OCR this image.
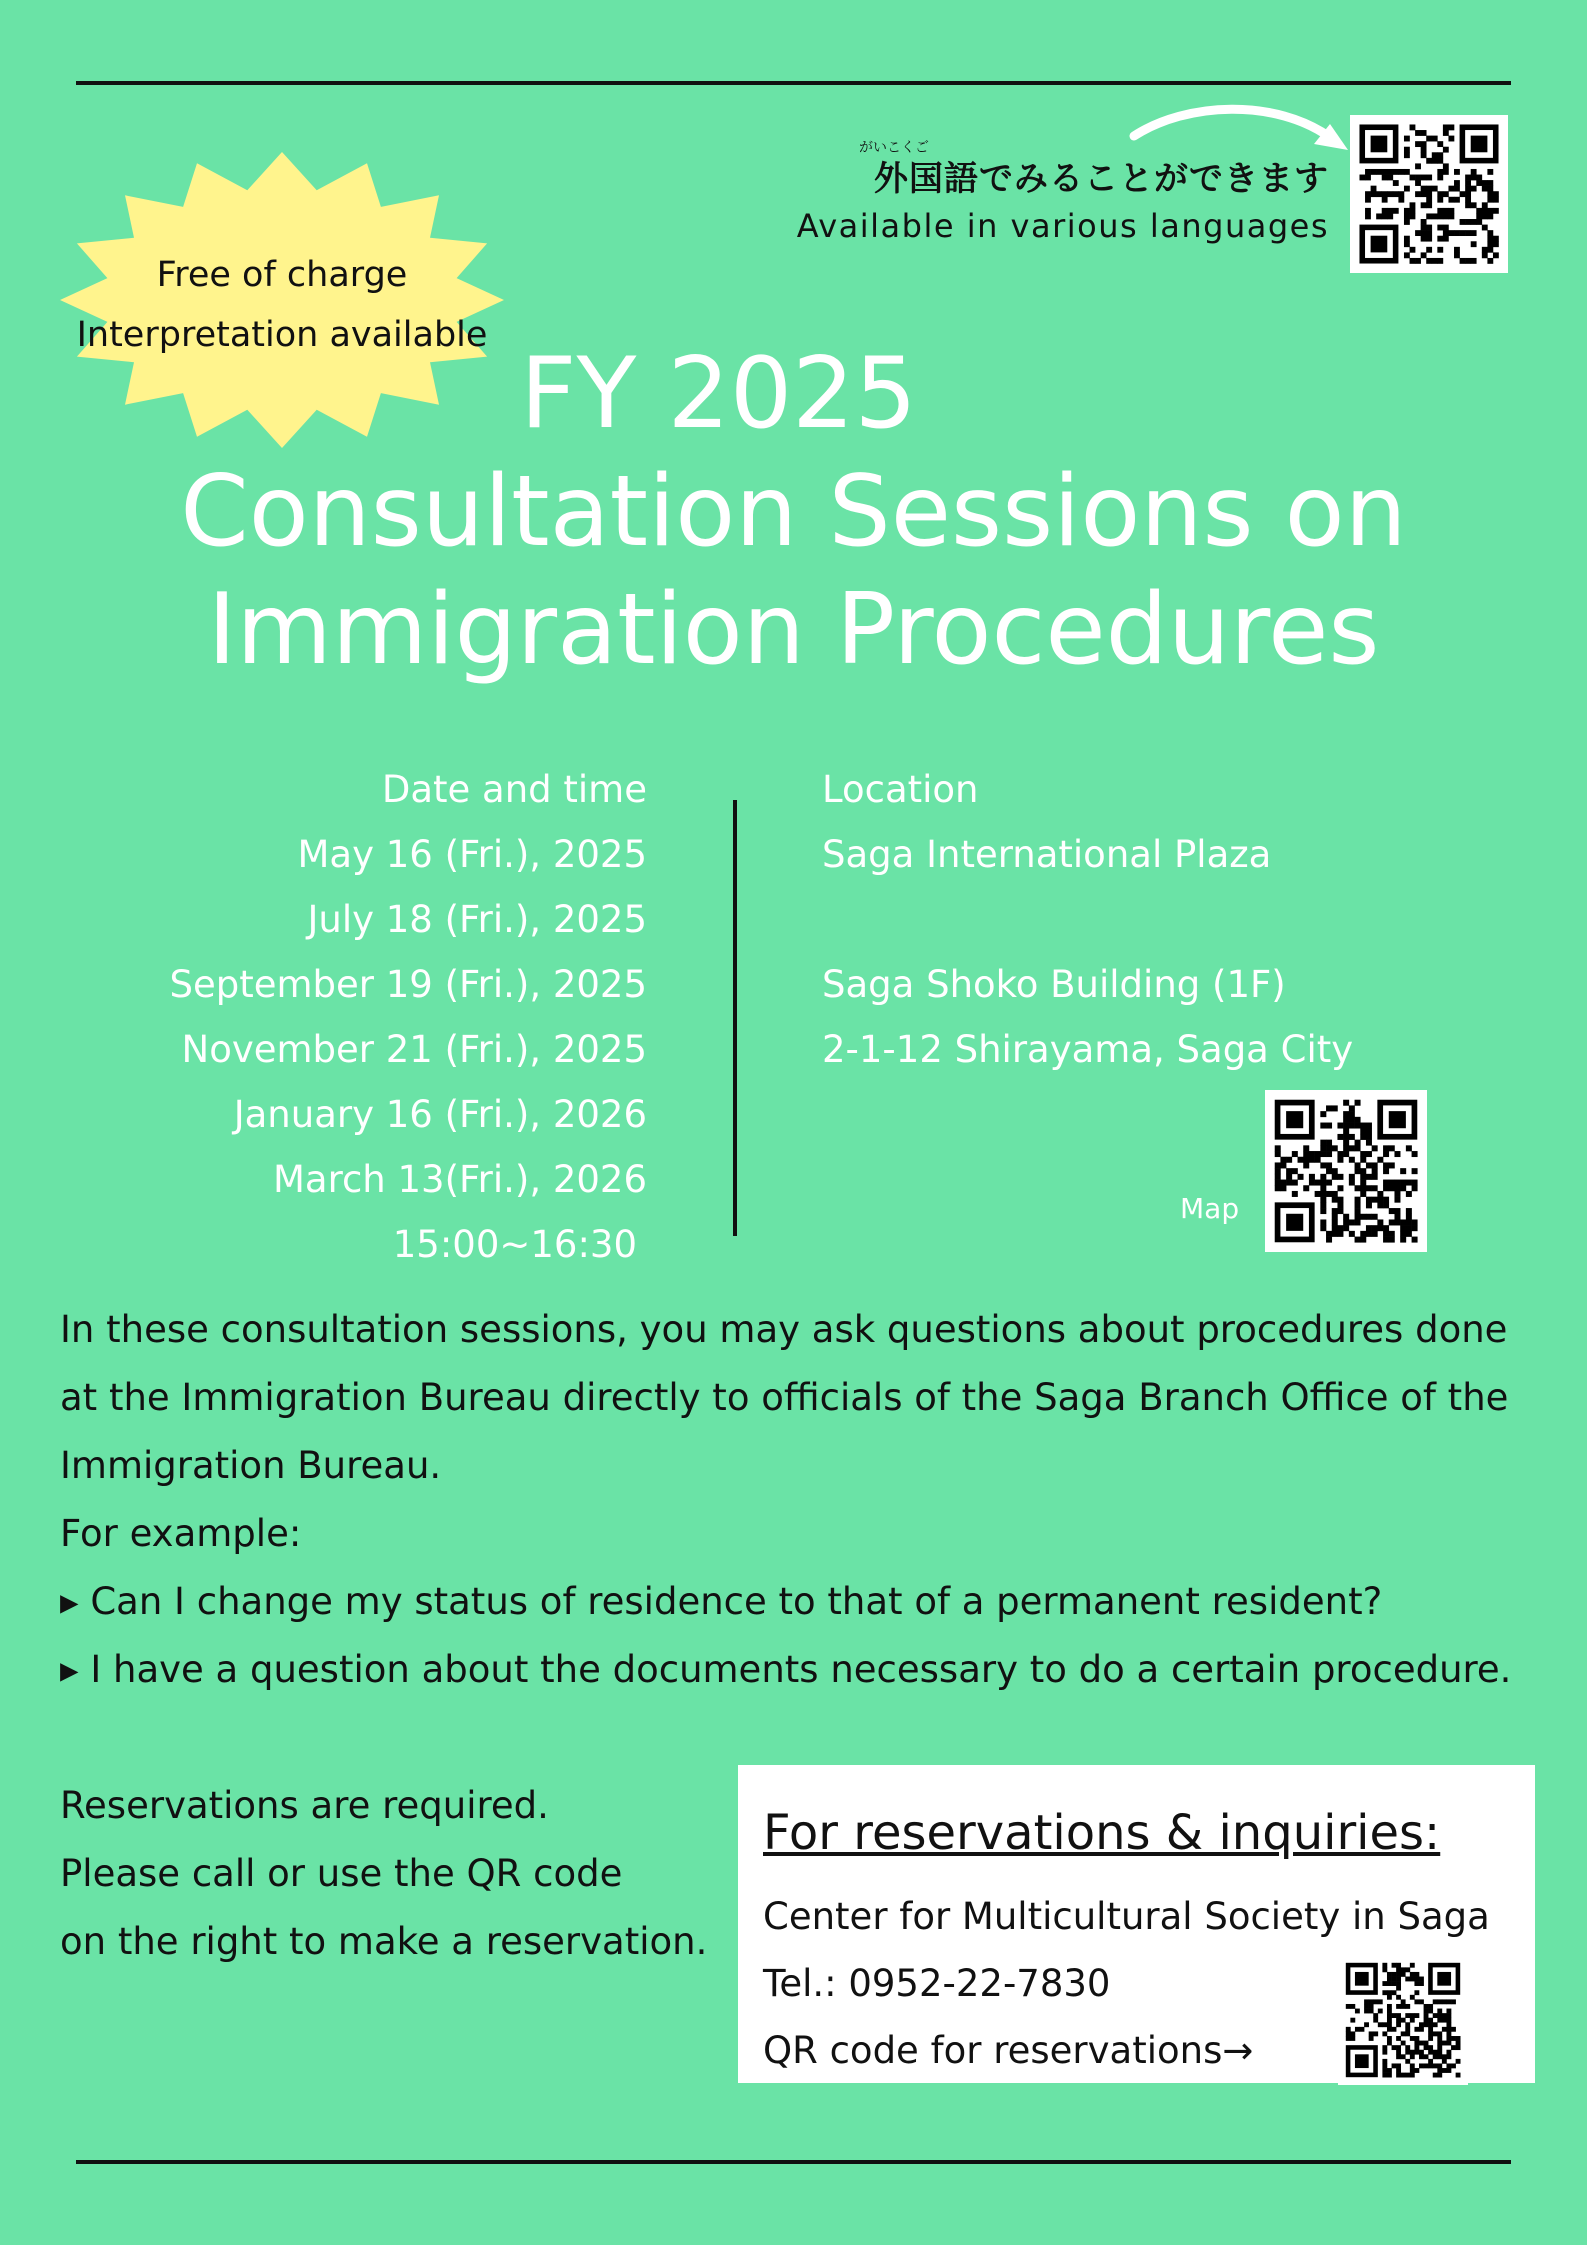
Free of charge
Interpretation available
がいこくご
外国語でみることができます
Available in various languages
FY 2025
Consultation Sessions on
Immigration Procedures
Date and time
May 16 (Fri.), 2025
July 18 (Fri.), 2025
September 19 (Fri.), 2025
November 21 (Fri.), 2025
January 16 (Fri.), 2026
March 13(Fri.), 2026
15:00~16:30
Location
Saga International Plaza

Saga Shoko Building (1F)
2-1-12 Shirayama, Saga City
Map
In these consultation sessions, you may ask questions about procedures done at the Immigration Bureau directly to officials of the Saga Branch Office of the Immigration Bureau.
For example:
▸ Can I change my status of residence to that of a permanent resident?
▸ I have a question about the documents necessary to do a certain procedure.
Reservations are required.
Please call or use the QR code
on the right to make a reservation.
For reservations & inquiries:
Center for Multicultural Society in Saga
Tel.: 0952-22-7830
QR code for reservations→
